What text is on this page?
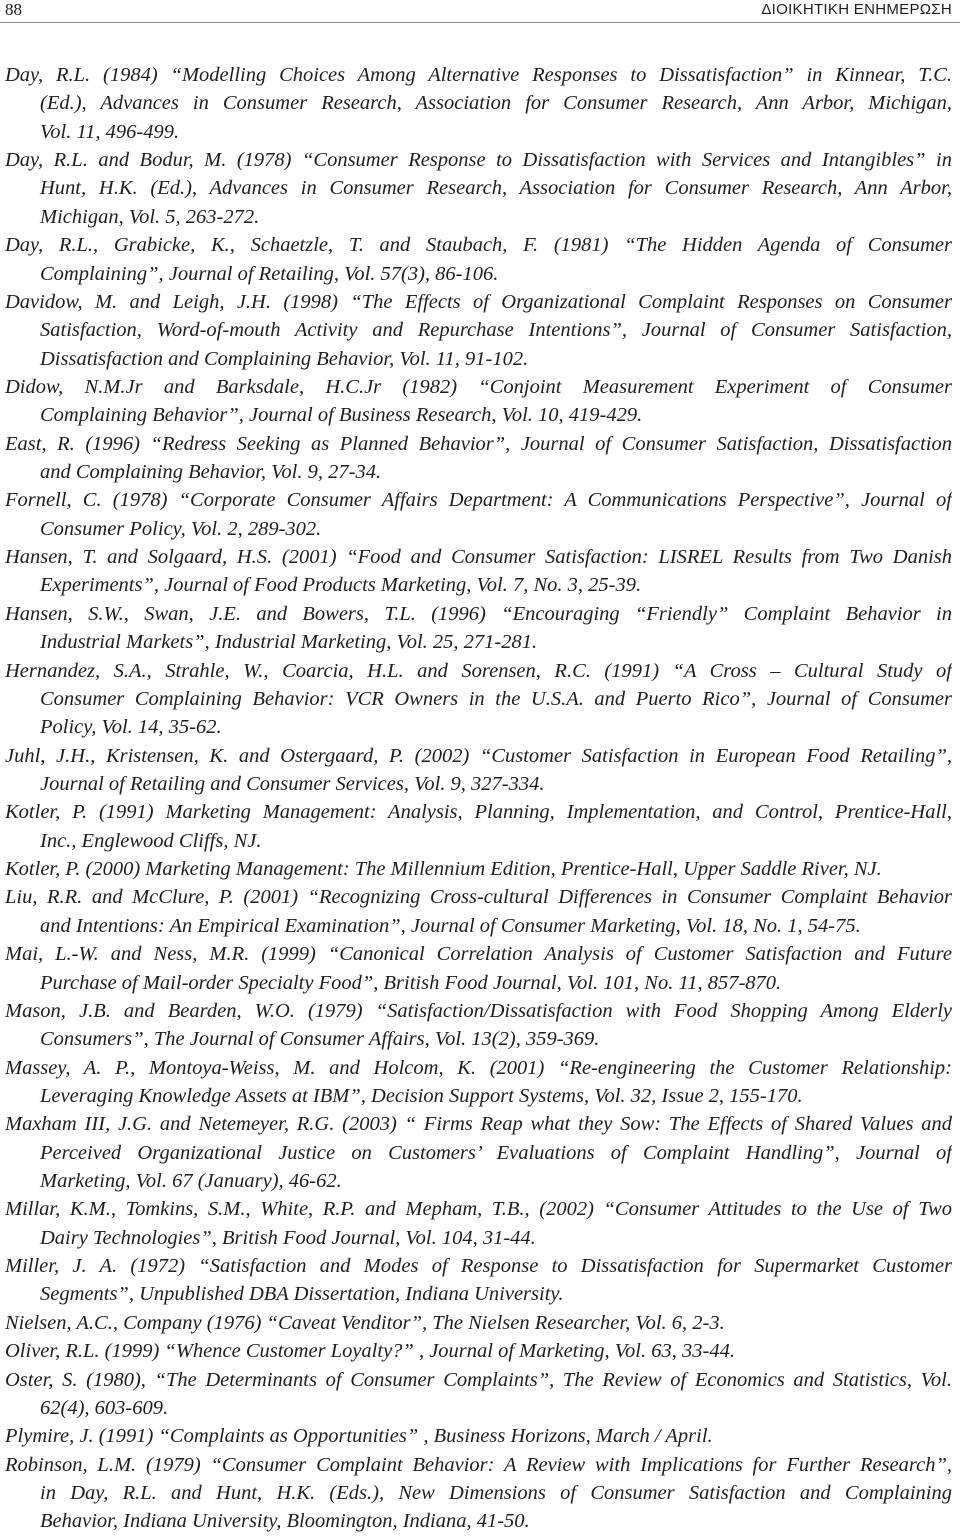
88	ΔΙΟΙΚΗΤΙΚΗ ΕΝΗΜΕΡΩΣΗ
Day, R.L. (1984) “Modelling Choices Among Alternative Responses to Dissatisfaction” in Kinnear, T.C.
(Ed.), Advances in Consumer Research, Association for Consumer Research, Ann Arbor, Michigan,
Vol. 11, 496-499.
Day, R.L. and Bodur, M. (1978) “Consumer Response to Dissatisfaction with Services and Intangibles” in
Hunt, H.K. (Ed.), Advances in Consumer Research, Association for Consumer Research, Ann Arbor,
Michigan, Vol. 5, 263-272.
Day, R.L., Grabicke, K., Schaetzle, T. and Staubach, F. (1981) “The Hidden Agenda of Consumer
Complaining”, Journal of Retailing, Vol. 57(3), 86-106.
Davidow, M. and Leigh, J.H. (1998) “The Effects of Organizational Complaint Responses on Consumer
Satisfaction, Word-of-mouth Activity and Repurchase Intentions”, Journal of Consumer Satisfaction,
Dissatisfaction and Complaining Behavior, Vol. 11, 91-102.
Didow, N.M.Jr and Barksdale, H.C.Jr (1982) “Conjoint Measurement Experiment of Consumer
Complaining Behavior”, Journal of Business Research, Vol. 10, 419-429.
East, R. (1996) “Redress Seeking as Planned Behavior”, Journal of Consumer Satisfaction, Dissatisfaction
and Complaining Behavior, Vol. 9, 27-34.
Fornell, C. (1978) “Corporate Consumer Affairs Department: A Communications Perspective”, Journal of
Consumer Policy, Vol. 2, 289-302.
Hansen, T. and Solgaard, H.S. (2001) “Food and Consumer Satisfaction: LISREL Results from Two Danish
Experiments”, Journal of Food Products Marketing, Vol. 7, No. 3, 25-39.
Hansen, S.W., Swan, J.E. and Bowers, T.L. (1996) “Encouraging “Friendly” Complaint Behavior in
Industrial Markets”, Industrial Marketing, Vol. 25, 271-281.
Hernandez, S.A., Strahle, W., Coarcia, H.L. and Sorensen, R.C. (1991) “A Cross – Cultural Study of
Consumer Complaining Behavior: VCR Owners in the U.S.A. and Puerto Rico”, Journal of Consumer
Policy, Vol. 14, 35-62.
Juhl, J.H., Kristensen, K. and Ostergaard, P. (2002) “Customer Satisfaction in European Food Retailing”,
Journal of Retailing and Consumer Services, Vol. 9, 327-334.
Kotler, P. (1991) Marketing Management: Analysis, Planning, Implementation, and Control, Prentice-Hall,
Inc., Englewood Cliffs, NJ.
Kotler, P. (2000) Marketing Management: The Millennium Edition, Prentice-Hall, Upper Saddle River, NJ.
Liu, R.R. and McClure, P. (2001) “Recognizing Cross-cultural Differences in Consumer Complaint Behavior
and Intentions: An Empirical Examination”, Journal of Consumer Marketing, Vol. 18, No. 1, 54-75.
Mai, L.-W. and Ness, M.R. (1999) “Canonical Correlation Analysis of Customer Satisfaction and Future
Purchase of Mail-order Specialty Food”, British Food Journal, Vol. 101, No. 11, 857-870.
Mason, J.B. and Bearden, W.O. (1979) “Satisfaction/Dissatisfaction with Food Shopping Among Elderly
Consumers”, The Journal of Consumer Affairs, Vol. 13(2), 359-369.
Massey, A. P., Montoya-Weiss, M. and Holcom, K. (2001) “Re-engineering the Customer Relationship:
Leveraging Knowledge Assets at IBM”, Decision Support Systems, Vol. 32, Issue 2, 155-170.
Maxham III, J.G. and Netemeyer, R.G. (2003) “ Firms Reap what they Sow: The Effects of Shared Values and
Perceived Organizational Justice on Customers’ Evaluations of Complaint Handling”, Journal of
Marketing, Vol. 67 (January), 46-62.
Millar, K.M., Tomkins, S.M., White, R.P. and Mepham, T.B., (2002) “Consumer Attitudes to the Use of Two
Dairy Technologies”, British Food Journal, Vol. 104, 31-44.
Miller, J. A. (1972) “Satisfaction and Modes of Response to Dissatisfaction for Supermarket Customer
Segments”, Unpublished DBA Dissertation, Indiana University.
Nielsen, A.C., Company (1976) “Caveat Venditor”, The Nielsen Researcher, Vol. 6, 2-3.
Oliver, R.L. (1999) “Whence Customer Loyalty?” , Journal of Marketing, Vol. 63, 33-44.
Oster, S. (1980), “The Determinants of Consumer Complaints”, The Review of Economics and Statistics, Vol.
62(4), 603-609.
Plymire, J. (1991) “Complaints as Opportunities” , Business Horizons, March / April.
Robinson, L.M. (1979) “Consumer Complaint Behavior: A Review with Implications for Further Research”,
in Day, R.L. and Hunt, H.K. (Eds.), New Dimensions of Consumer Satisfaction and Complaining
Behavior, Indiana University, Bloomington, Indiana, 41-50.
